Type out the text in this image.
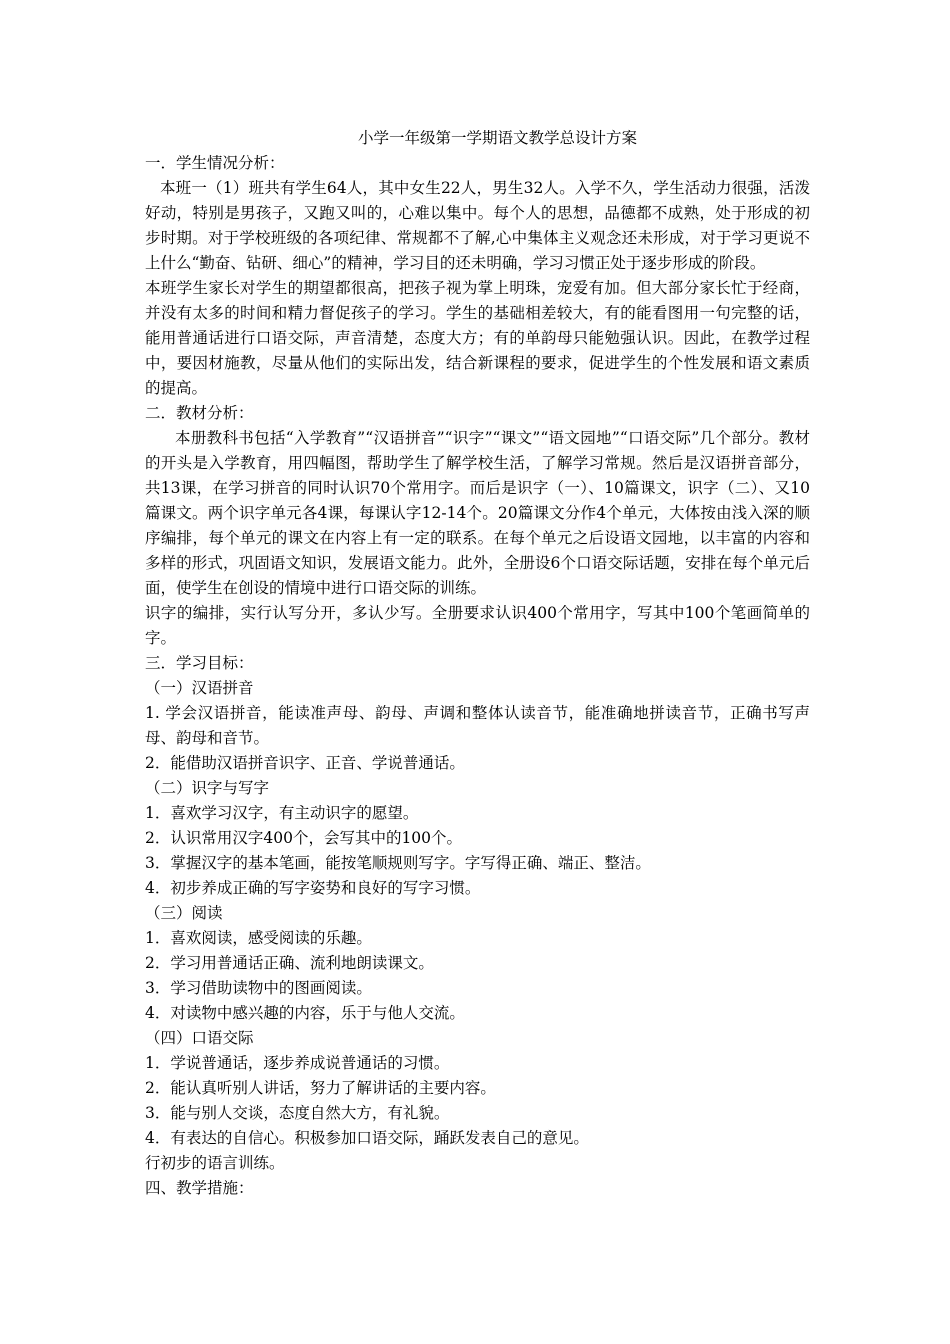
小学一年级第一学期语文教学总设计方案

一．学生情况分析：

本班一（1）班共有学生64人，其中女生22人，男生32人。入学不久，学生活动力很强，活泼好动，特别是男孩子，又跑又叫的，心难以集中。每个人的思想，品德都不成熟，处于形成的初步时期。对于学校班级的各项纪律、常规都不了解,心中集体主义观念还未形成，对于学习更说不上什么“勤奋、钻研、细心”的精神，学习目的还未明确，学习习惯正处于逐步形成的阶段。

本班学生家长对学生的期望都很高，把孩子视为掌上明珠，宠爱有加。但大部分家长忙于经商，并没有太多的时间和精力督促孩子的学习。学生的基础相差较大，有的能看图用一句完整的话，能用普通话进行口语交际，声音清楚，态度大方；有的单韵母只能勉强认识。因此，在教学过程中，要因材施教，尽量从他们的实际出发，结合新课程的要求，促进学生的个性发展和语文素质的提高。

二．教材分析：

本册教科书包括“入学教育”“汉语拼音”“识字”“课文”“语文园地”“口语交际”几个部分。教材的开头是入学教育，用四幅图，帮助学生了解学校生活，了解学习常规。然后是汉语拼音部分，共13课，在学习拼音的同时认识70个常用字。而后是识字（一）、10篇课文，识字（二）、又10篇课文。两个识字单元各4课，每课认字12-14个。20篇课文分作4个单元，大体按由浅入深的顺序编排，每个单元的课文在内容上有一定的联系。在每个单元之后设语文园地，以丰富的内容和多样的形式，巩固语文知识，发展语文能力。此外，全册设6个口语交际话题，安排在每个单元后面，使学生在创设的情境中进行口语交际的训练。

识字的编排，实行认写分开，多认少写。全册要求认识400个常用字，写其中100个笔画简单的字。

三．学习目标：

（一）汉语拼音

1. 学会汉语拼音，能读准声母、韵母、声调和整体认读音节，能准确地拼读音节，正确书写声母、韵母和音节。

2．能借助汉语拼音识字、正音、学说普通话。

（二）识字与写字

1．喜欢学习汉字，有主动识字的愿望。

2．认识常用汉字400个，会写其中的100个。

3．掌握汉字的基本笔画，能按笔顺规则写字。字写得正确、端正、整洁。

4．初步养成正确的写字姿势和良好的写字习惯。

（三）阅读

1．喜欢阅读，感受阅读的乐趣。

2．学习用普通话正确、流利地朗读课文。

3．学习借助读物中的图画阅读。

4．对读物中感兴趣的内容，乐于与他人交流。

（四）口语交际

1．学说普通话，逐步养成说普通话的习惯。

2．能认真听别人讲话，努力了解讲话的主要内容。

3．能与别人交谈，态度自然大方，有礼貌。

4．有表达的自信心。积极参加口语交际，踊跃发表自己的意见。

行初步的语言训练。

四、教学措施：
